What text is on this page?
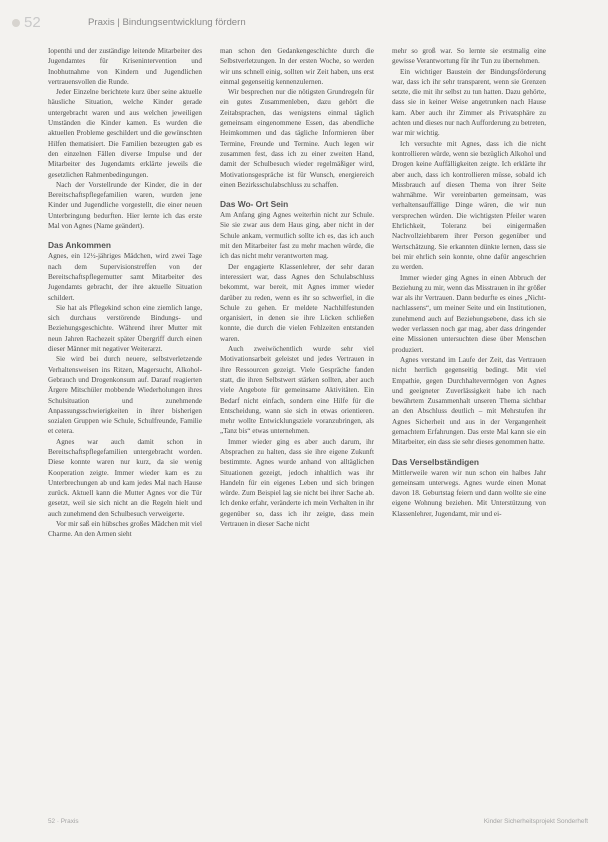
52	Praxis | Bindungsentwicklung fördern

Iopenthi und der zuständige leitende Mitarbeiter des Jugendamtes für Krisenintervention und Inobhutnahme von Kindern und Jugendlichen vertrauensvollen die Runde.

Jeder Einzelne berichtete kurz über seine aktuelle häusliche Situation, welche Kinder gerade untergebracht waren und aus welchen jeweiligen Umständen die Kinder kamen. Es wurden die aktuellen Probleme geschildert und die gewünschten Hilfen thematisiert. Die Familien bezeugten gab es den einzelnen Fällen diverse Impulse und der Mitarbeiter des Jugendamts erklärte jeweils die gesetzlichen Rahmenbedingungen.

Nach der Vorstellrunde der Kinder, die in der Bereitschaftspflegefamilien waren, wurden jene Kinder und Jugendliche vorgestellt, die einer neuen Unterbringung bedurften. Hier lernte ich das erste Mal von Agnes (Name geändert).

Das Ankommen

Agnes, ein 12½-jähriges Mädchen, wird zwei Tage nach dem Supervisionstreffen von der Bereitschaftspflegemutter samt Mitarbeiter des Jugendamts gebracht, der ihre aktuelle Situation schildert.

Sie hat als Pflegekind schon eine ziemlich lange, sich durchaus verstörende Bindungs- und Beziehungsgeschichte. Während ihrer Mutter mit neun Jahren Rachezeit später Übergriff durch einen dieser Männer mit negativer Weiterarzt.

Sie wird bei durch neuere, selbstverletzende Verhaltensweisen ins Ritzen, Magersucht, Alkohol-Gebrauch und Drogenkonsum auf. Darauf reagierten Ärgere Mitschüler mobbende Wiederholungen ihres Schulsituation und zunehmende Anpassungsschwierigkeiten in ihrer bisherigen sozialen Gruppen wie Schule, Schulfreunde, Familie et cetera.

Agnes war auch damit schon in Bereitschaftspflegefamilien untergebracht worden. Diese konnte waren nur kurz, da sie wenig Kooperation zeigte. Immer wieder kam es zu Unterbrechungen ab und kam jedes Mal nach Hause zurück. Aktuell kann die Mutter Agnes vor die Tür gesetzt, weil sie sich nicht an die Regeln hielt und auch zunehmend den Schulbesuch verweigerte.

Vor mir saß ein hübsches großes Mädchen mit viel Charme. An den Armen sieht

man schon den Gedankengeschichte durch die Selbstverletzungen. In der ersten Woche, so werden wir uns schnell einig, sollten wir Zeit haben, uns erst einmal gegenseitig kennenzulernen.

Wir besprechen nur die nötigsten Grundregeln für ein gutes Zusammenleben, dazu gehört die Zeitabsprachen, das wenigstens einmal täglich gemeinsam eingenommene Essen, das abendliche Heimkommen und das tägliche Informieren über Termine, Freunde und Termine. Auch legen wir zusammen fest, dass ich zu einer zweiten Hand, damit der Schulbesuch wieder regelmäßiger wird, Motivationsgespräche ist für Wunsch, energiereich einen Bezirksschulabschluss zu schaffen.

Das Wo- Ort Sein

Am Anfang ging Agnes weiterhin nicht zur Schule. Sie sie zwar aus dem Haus ging, aber nicht in der Schule ankam, vermutlich sollte ich es, das ich auch mit den Mitarbeiter fast zu mehr machen würde, die ich das nicht mehr verantworten mag.

Der engagierte Klassenlehrer, der sehr daran interessiert war, dass Agnes den Schulabschluss bekommt, war bereit, mit Agnes immer wieder darüber zu reden, wenn es ihr so schwerfiel, in die Schule zu gehen. Er meldete Nachhilfestunden organisiert, in denen sie ihre Lücken schließen konnte, die durch die vielen Fehlzeiten entstanden waren.

Auch zweiwöchentlich wurde sehr viel Motivationsarbeit geleistet und jedes Vertrauen in ihre Ressourcen gezeigt. Viele Gespräche fanden statt, die ihren Selbstwert stärken sollten, aber auch viele Angebote für gemeinsame Aktivitäten. Ein Bedarf nicht einfach, sondern eine Hilfe für die Entscheidung, wann sie sich in etwas orientieren. mehr wollte Entwicklungsziele voranzubringen, als „Tanz bis“ etwas unternehmen.

Immer wieder ging es aber auch darum, ihr Absprachen zu halten, dass sie ihre eigene Zukunft bestimmte. Agnes wurde anhand von alltäglichen Situationen gezeigt, jedoch inhaltlich was ihr Handeln für ein eigenes Leben und sich bringen würde. Zum Beispiel lag sie nicht bei ihrer Sache ab. Ich denke erfahr, veränderte ich mein Verhalten in ihr gegenüber so, dass ich ihr zeigte, dass mein Vertrauen in dieser Sache nicht

mehr so groß war. So lernte sie erstmalig eine gewisse Verantwortung für ihr Tun zu übernehmen.

Ein wichtiger Baustein der Bindungsförderung war, dass ich ihr sehr transparent, wenn sie Grenzen setzte, die mit ihr selbst zu tun hatten. Dazu gehörte, dass sie in keiner Weise angetrunken nach Hause kam. Aber auch ihr Zimmer als Privatsphäre zu achten und dieses nur nach Aufforderung zu betreten, war mir wichtig.

Ich versuchte mit Agnes, dass ich die nicht kontrollieren würde, wenn sie bezüglich Alkohol und Drogen keine Auffälligkeiten zeigte. Ich erklärte ihr aber auch, dass ich kontrollieren müsse, sobald ich Missbrauch auf diesen Thema von ihrer Seite wahrnähme. Wir vereinbarten gemeinsam, was verhaltensauffällige Dinge wären, die wir nun versprechen würden. Die wichtigsten Pfeiler waren Ehrlichkeit, Toleranz bei einigermaßen Nachvollziehbarem ihrer Person gegenüber und Wertschätzung. Sie erkannten dünkte lernen, dass sie bei mir ehrlich sein konnte, ohne dafür angeschrien zu werden.

Immer wieder ging Agnes in einen Abbruch der Beziehung zu mir, wenn das Misstrauen in ihr größer war als ihr Vertrauen. Dann bedurfte es eines „Nicht-nachlassens“, um meiner Seite und ein Institutionen, zunehmend auch auf Beziehungsebene, dass ich sie weder verlassen noch gar mag, aber dass dringender eine Missionen untersuchten diese über Menschen produziert.

Agnes verstand im Laufe der Zeit, das Vertrauen nicht herrlich gegenseitig bedingt. Mit viel Empathie, gegen Durchhaltevermögen von Agnes und geeigneter Zuverlässigkeit habe ich nach bewährtem Zusammenhalt unseren Thema sichtbar an den Abschluss deutlich – mit Mehrstufen ihr Agnes Sicherheit und aus in der Vergangenheit gemachtem Erfahrungen. Das erste Mal kann sie ein Mitarbeiter, ein dass sie sehr dieses genommen hatte.

Das Verselbständigen

Mittlerweile waren wir nun schon ein halbes Jahr gemeinsam unterwegs. Agnes wurde einen Monat davon 18. Geburtstag feiern und dann wollte sie eine eigene Wohnung beziehen. Mit Unterstützung von Klassenlehrer, Jugendamt, mir und ei-

52 · Praxis	Kinder Sicherheitsprojekt Sonderheft
